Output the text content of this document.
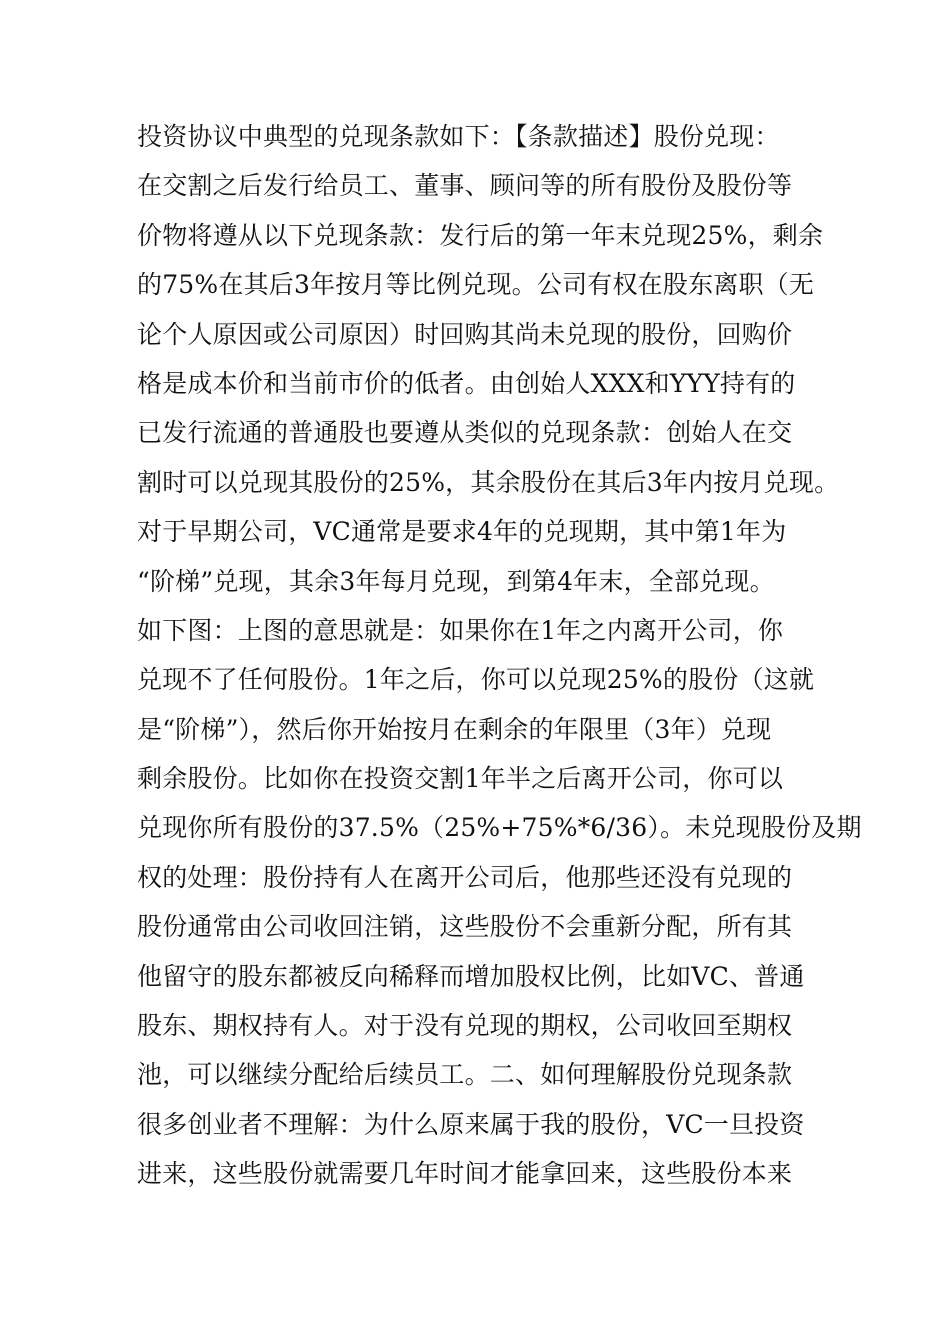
投资协议中典型的兑现条款如下：【条款描述】股份兑现：
在交割之后发行给员工、董事、顾问等的所有股份及股份等
价物将遵从以下兑现条款：发行后的第一年末兑现25%，剩余
的75%在其后3年按月等比例兑现。公司有权在股东离职（无
论个人原因或公司原因）时回购其尚未兑现的股份，回购价
格是成本价和当前市价的低者。由创始人XXX和YYY持有的
已发行流通的普通股也要遵从类似的兑现条款：创始人在交
割时可以兑现其股份的25%，其余股份在其后3年内按月兑现。
对于早期公司，VC通常是要求4年的兑现期，其中第1年为
“阶梯”兑现，其余3年每月兑现，到第4年末，全部兑现。
如下图：上图的意思就是：如果你在1年之内离开公司，你
兑现不了任何股份。1年之后，你可以兑现25%的股份（这就
是“阶梯”），然后你开始按月在剩余的年限里（3年）兑现
剩余股份。比如你在投资交割1年半之后离开公司，你可以
兑现你所有股份的37.5%（25%+75%*6/36）。未兑现股份及期
权的处理：股份持有人在离开公司后，他那些还没有兑现的
股份通常由公司收回注销，这些股份不会重新分配，所有其
他留守的股东都被反向稀释而增加股权比例，比如VC、普通
股东、期权持有人。对于没有兑现的期权，公司收回至期权
池，可以继续分配给后续员工。二、如何理解股份兑现条款
很多创业者不理解：为什么原来属于我的股份，VC一旦投资
进来，这些股份就需要几年时间才能拿回来，这些股份本来
